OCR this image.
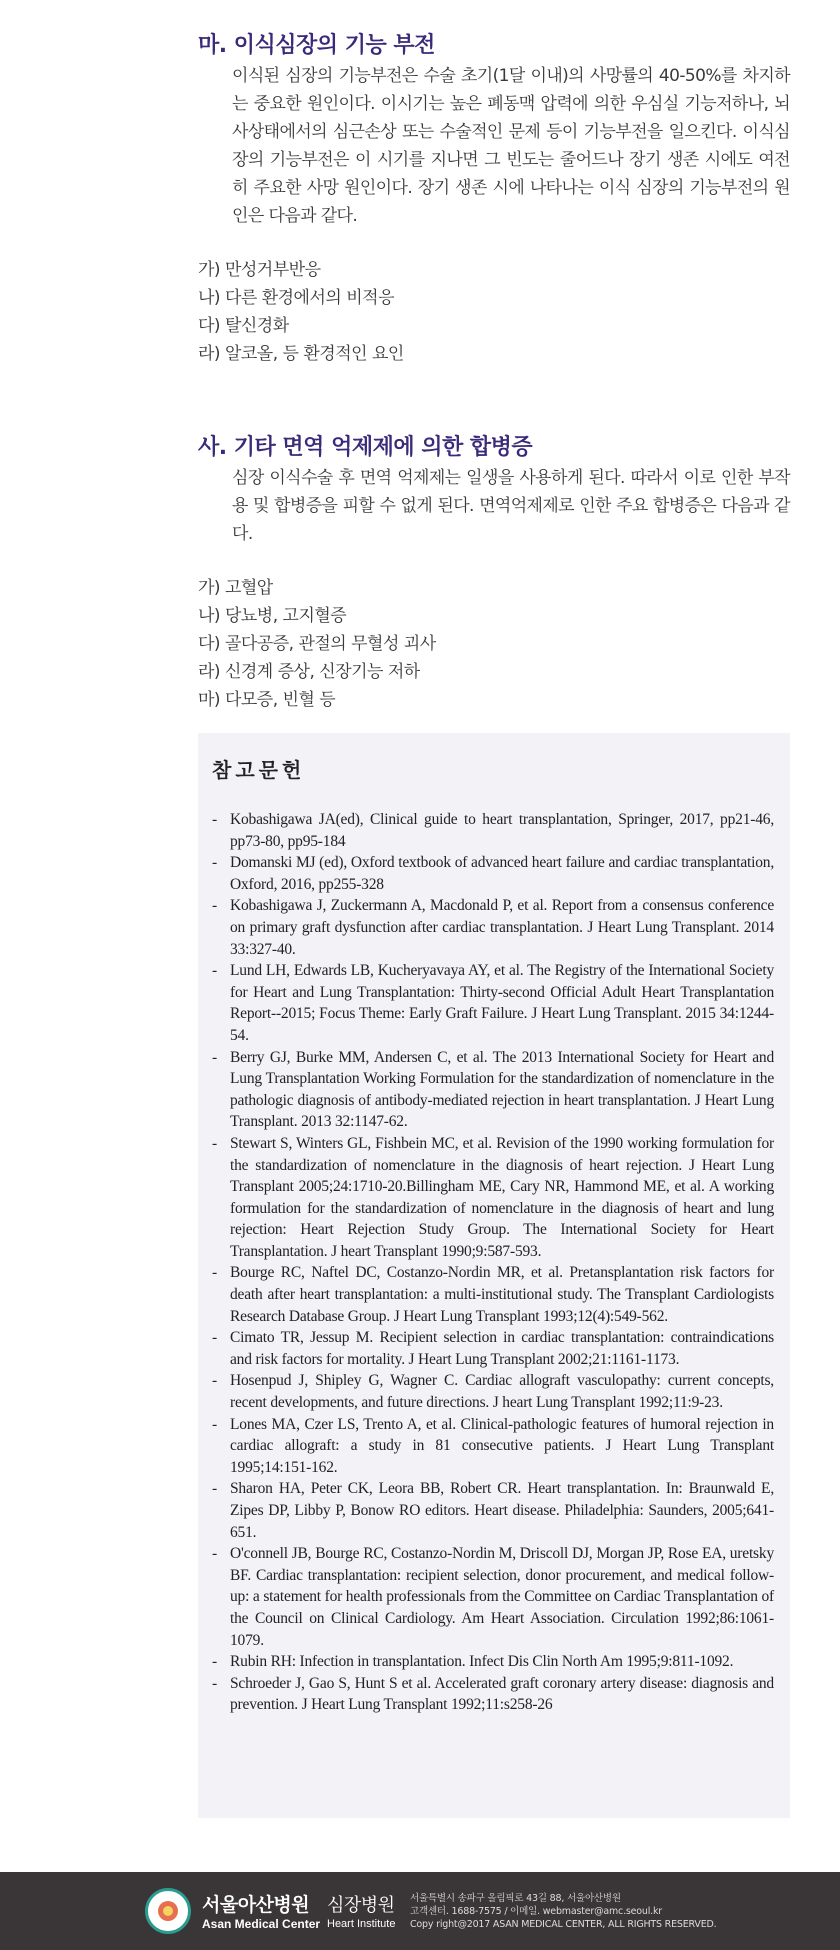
마. 이식심장의 기능 부전

이식된 심장의 기능부전은 수술 초기(1달 이내)의 사망률의 40-50%를 차지하는 중요한 원인이다. 이시기는 높은 폐동맥 압력에 의한 우심실 기능저하나, 뇌사상태에서의 심근손상 또는 수술적인 문제 등이 기능부전을 일으킨다. 이식심장의 기능부전은 이 시기를 지나면 그 빈도는 줄어드나 장기 생존 시에도 여전히 주요한 사망 원인이다. 장기 생존 시에 나타나는 이식 심장의 기능부전의 원인은 다음과 같다.

가) 만성거부반응
나) 다른 환경에서의 비적응
다) 탈신경화
라) 알코올, 등 환경적인 요인
사. 기타 면역 억제제에 의한 합병증

심장 이식수술 후 면역 억제제는 일생을 사용하게 된다. 따라서 이로 인한 부작용 및 합병증을 피할 수 없게 된다. 면역억제제로 인한 주요 합병증은 다음과 같다.

가) 고혈압
나) 당뇨병, 고지혈증
다) 골다공증, 관절의 무혈성 괴사
라) 신경계 증상, 신장기능 저하
마) 다모증, 빈혈 등
참고문헌
- Kobashigawa JA(ed), Clinical guide to heart transplantation, Springer, 2017, pp21-46, pp73-80, pp95-184
- Domanski MJ (ed), Oxford textbook of advanced heart failure and cardiac transplantation, Oxford, 2016, pp255-328
- Kobashigawa J, Zuckermann A, Macdonald P, et al. Report from a consensus conference on primary graft dysfunction after cardiac transplantation. J Heart Lung Transplant. 2014 33:327-40.
- Lund LH, Edwards LB, Kucheryavaya AY, et al. The Registry of the International Society for Heart and Lung Transplantation: Thirty-second Official Adult Heart Transplantation Report--2015; Focus Theme: Early Graft Failure. J Heart Lung Transplant. 2015 34:1244-54.
- Berry GJ, Burke MM, Andersen C, et al. The 2013 International Society for Heart and Lung Transplantation Working Formulation for the standardization of nomenclature in the pathologic diagnosis of antibody-mediated rejection in heart transplantation. J Heart Lung Transplant. 2013 32:1147-62.
- Stewart S, Winters GL, Fishbein MC, et al. Revision of the 1990 working formulation for the standardization of nomenclature in the diagnosis of heart rejection. J Heart Lung Transplant 2005;24:1710-20.Billingham ME, Cary NR, Hammond ME, et al. A working formulation for the standardization of nomenclature in the diagnosis of heart and lung rejection: Heart Rejection Study Group. The International Society for Heart Transplantation. J heart Transplant 1990;9:587-593.
- Bourge RC, Naftel DC, Costanzo-Nordin MR, et al. Pretansplantation risk factors for death after heart transplantation: a multi-institutional study. The Transplant Cardiologists Research Database Group. J Heart Lung Transplant 1993;12(4):549-562.
- Cimato TR, Jessup M. Recipient selection in cardiac transplantation: contraindications and risk factors for mortality. J Heart Lung Transplant 2002;21:1161-1173.
- Hosenpud J, Shipley G, Wagner C. Cardiac allograft vasculopathy: current concepts, recent developments, and future directions. J heart Lung Transplant 1992;11:9-23.
- Lones MA, Czer LS, Trento A, et al. Clinical-pathologic features of humoral rejection in cardiac allograft: a study in 81 consecutive patients. J Heart Lung Transplant 1995;14:151-162.
- Sharon HA, Peter CK, Leora BB, Robert CR. Heart transplantation. In: Braunwald E, Zipes DP, Libby P, Bonow RO editors. Heart disease. Philadelphia: Saunders, 2005;641-651.
- O'connell JB, Bourge RC, Costanzo-Nordin M, Driscoll DJ, Morgan JP, Rose EA, uretsky BF. Cardiac transplantation: recipient selection, donor procurement, and medical follow-up: a statement for health professionals from the Committee on Cardiac Transplantation of the Council on Clinical Cardiology. Am Heart Association. Circulation 1992;86:1061-1079.
- Rubin RH: Infection in transplantation. Infect Dis Clin North Am 1995;9:811-1092.
- Schroeder J, Gao S, Hunt S et al. Accelerated graft coronary artery disease: diagnosis and prevention. J Heart Lung Transplant 1992;11:s258-26
서울아산병원
Asan Medical Center
심장병원
Heart Institute
서울특별시 송파구 올림픽로 43길 88, 서울아산병원
고객센터. 1688-7575 / 이메일. webmaster@amc.seoul.kr
Copy right@2017 ASAN MEDICAL CENTER, ALL RIGHTS RESERVED.
